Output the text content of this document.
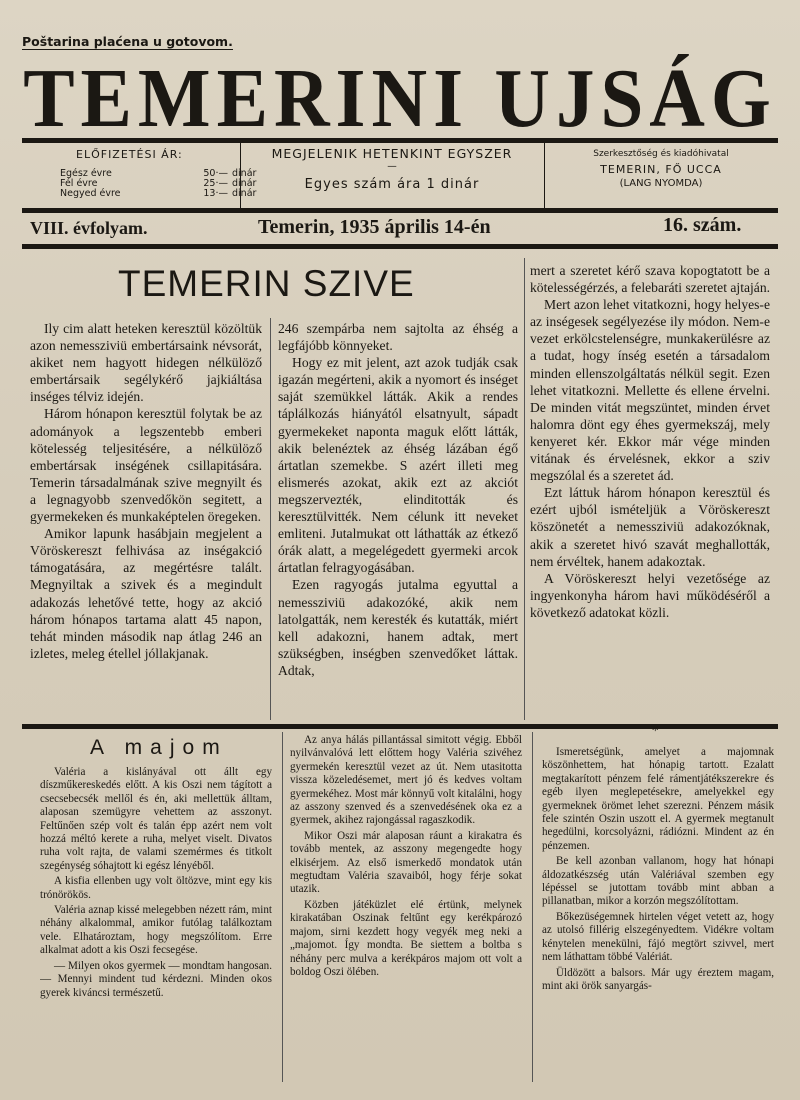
Poštarina plaćena u gotovom.
TEMERINI UJSÁG
ELŐFIZETÉSI ÁR:
Egész évre	50·— dinár
Fél évre	25·— dinár
Negyed évre	13·— dinár
MEGJELENIK HETENKINT EGYSZER
—
Egyes szám ára 1 dinár
Szerkesztőség és kiadóhivatal
TEMERIN, FŐ UCCA
(LANG NYOMDA)
VIII. évfolyam.	Temerin, 1935 április 14-én	16. szám.
TEMERIN SZIVE

Ily cim alatt heteken keresztül közöltük azon nemessziviü embertársaink névsorát, akiket nem hagyott hidegen nélkülöző embertársaik segélykérő jajkiáltása inséges télviz idején.

Három hónapon keresztül folytak be az adományok a legszentebb emberi kötelesség teljesitésére, a nélkülöző embertársak inségének csillapitására. Temerin társadalmának szive megnyilt és a legnagyobb szenvedőkön segitett, a gyermekeken és munkaképtelen öregeken.

Amikor lapunk hasábjain megjelent a Vöröskereszt felhivása az inségakció támogatására, az megértésre talált. Megnyiltak a szivek és a megindult adakozás lehetővé tette, hogy az akció három hónapos tartama alatt 45 napon, tehát minden második nap átlag 246 an izletes, meleg étellel jóllakjanak.

246 szempárba nem sajtolta az éhség a legfájóbb könnyeket.

Hogy ez mit jelent, azt azok tudják csak igazán megérteni, akik a nyomort és inséget saját szemükkel látták. Akik a rendes táplálkozás hiányától elsatnyult, sápadt gyermekeket naponta maguk előtt látták, akik belenéztek az éhség lázában égő ártatlan szemekbe. S azért illeti meg elismerés azokat, akik ezt az akciót megszervezték, elinditották és keresztülvitték. Nem célunk itt neveket emliteni. Jutalmukat ott láthatták az étkező órák alatt, a megelégedett gyermeki arcok ártatlan felragyogásában.

Ezen ragyogás jutalma egyuttal a nemessziviü adakozóké, akik nem latolgatták, nem keresték és kutatták, miért kell adakozni, hanem adtak, mert szükségben, inségben szenvedőket láttak. Adtak,

mert a szeretet kérő szava kopogtatott be a kötelességérzés, a felebaráti szeretet ajtaján.

Mert azon lehet vitatkozni, hogy helyes-e az inségesek segélyezése ily módon. Nem-e vezet erkölcstelenségre, munkakerülésre az a tudat, hogy ínség esetén a társadalom minden ellenszolgáltatás nélkül segit. Ezen lehet vitatkozni. Mellette és ellene érvelni. De minden vitát megszüntet, minden érvet halomra dönt egy éhes gyermekszáj, mely kenyeret kér. Ekkor már vége minden vitának és érvelésnek, ekkor a sziv megszólal és a szeretet ád.

Ezt láttuk három hónapon keresztül és ezért ujból ismételjük a Vöröskereszt köszönetét a nemessziviü adakozóknak, akik a szeretet hivó szavát meghallották, nem érvéltek, hanem adakoztak.

A Vöröskereszt helyi vezetősége az ingyenkonyha három havi működéséről a következő adatokat közli.

A majom

Valéria a kislányával ott állt egy díszműkereskedés előtt. A kis Oszi nem tágított a csecsebecsék mellől és én, aki mellettük álltam, alaposan szemügyre vehettem az asszonyt. Feltűnően szép volt és talán épp azért nem volt hozzá méltó kerete a ruha, melyet viselt. Divatos ruha volt rajta, de valami szemérmes és titkolt szegénység sóhajtott ki egész lényéből.

A kisfia ellenben ugy volt öltözve, mint egy kis trónörökös.

Valéria aznap kissé melegebben nézett rám, mint néhány alkalommal, amikor futólag találkoztam vele. Elhatároztam, hogy megszólítom. Erre alkalmat adott a kis Oszi fecsegése.

— Milyen okos gyermek — mondtam hangosan. — Mennyi mindent tud kérdezni. Minden okos gyerek kiváncsi természetű.

Az anya hálás pillantással simitott végig. Ebből nyilvánvalóvá lett előttem hogy Valéria szivéhez gyermekén keresztül vezet az út. Nem utasitotta vissza közeledésemet, mert jó és kedves voltam gyermekéhez. Most már könnyű volt kitalálni, hogy az asszony szenved és a szenvedésének oka ez a gyermek, akihez rajongással ragaszkodik.

Mikor Oszi már alaposan ráunt a kirakatra és tovább mentek, az asszony megengedte hogy elkisérjem. Az első ismerkedő mondatok után megtudtam Valéria szavaiból, hogy férje sokat utazik.

Közben játéküzlet elé értünk, melynek kirakatában Oszinak feltűnt egy kerékpározó majom, sirni kezdett hogy vegyék meg neki a „majomot. Így mondta. Be siettem a boltba s néhány perc mulva a kerékpáros majom ott volt a boldog Oszi ölében.

*

Ismeretségünk, amelyet a majomnak köszönhettem, hat hónapig tartott. Ezalatt megtakarított pénzem felé rámentjátékszerekre és egéb ilyen meglepetésekre, amelyekkel egy gyermeknek örömet lehet szerezni. Pénzem másik fele szintén Oszin uszott el. A gyermek megtanult hegedülni, korcsolyázni, rádiózni. Mindent az én pénzemen.

Be kell azonban vallanom, hogy hat hónapi áldozatkészség után Valériával szemben egy lépéssel se jutottam tovább mint abban a pillanatban, mikor a korzón megszólítottam.

Bőkezüségemnek hirtelen véget vetett az, hogy az utolsó fillérig elszegényedtem. Vidékre voltam kénytelen menekülni, fájó megtört szivvel, mert nem láthattam többé Valériát.

Üldözött a balsors. Már ugy éreztem magam, mint aki örök sanyargás-
